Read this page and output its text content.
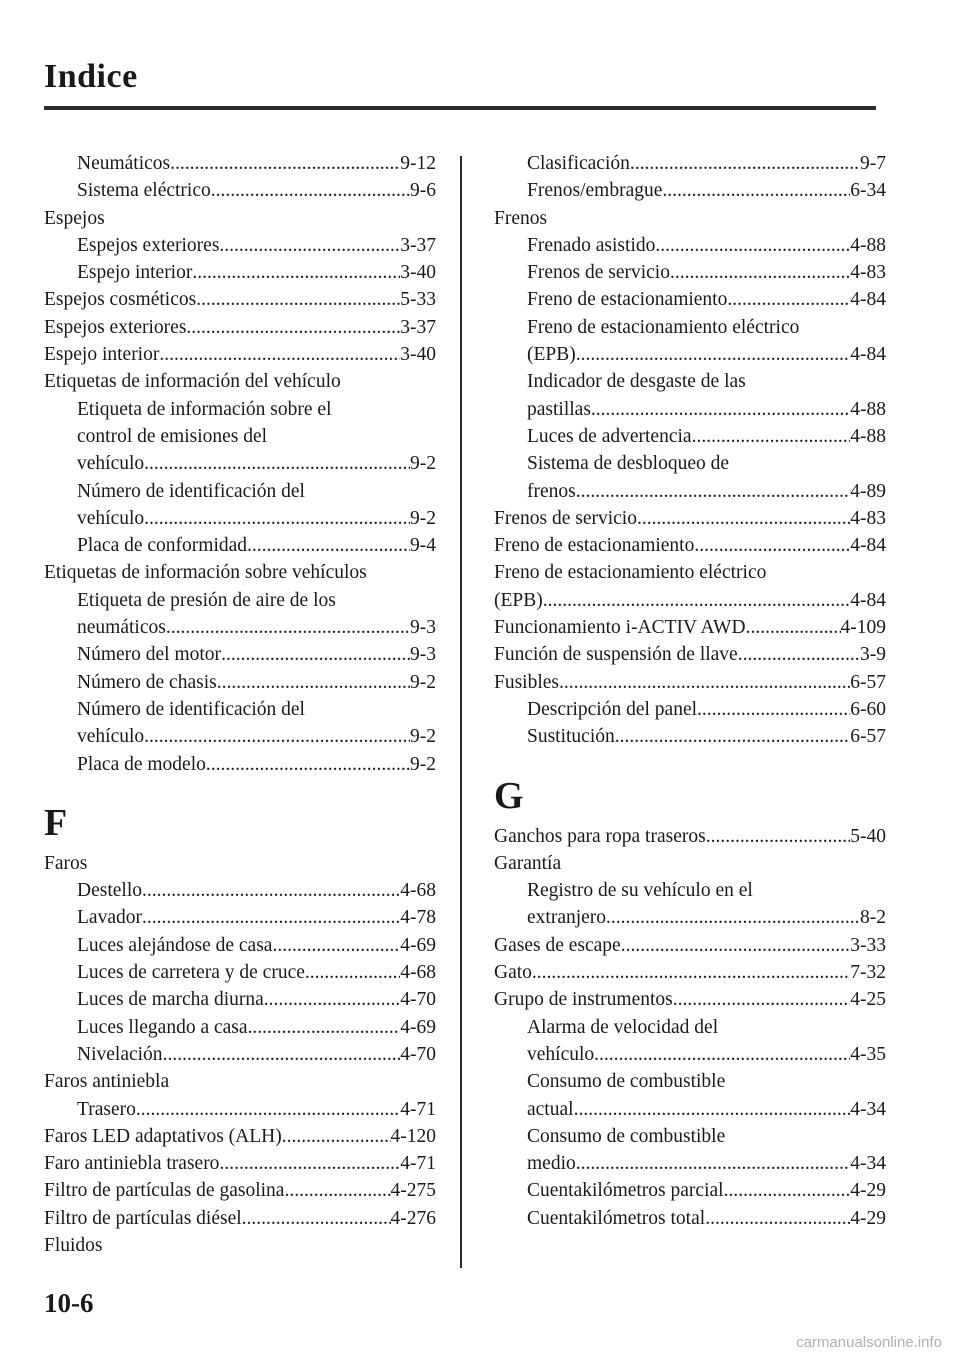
Indice
Neumáticos .....	9-12
Sistema eléctrico .....	9-6
Espejos
Espejos exteriores .....	3-37
Espejo interior .....	3-40
Espejos cosméticos .....	5-33
Espejos exteriores .....	3-37
Espejo interior .....	3-40
Etiquetas de información del vehículo
Etiqueta de información sobre el
control de emisiones del
vehículo .....	9-2
Número de identificación del
vehículo .....	9-2
Placa de conformidad .....	9-4
Etiquetas de información sobre vehículos
Etiqueta de presión de aire de los
neumáticos .....	9-3
Número del motor .....	9-3
Número de chasis .....	9-2
Número de identificación del
vehículo .....	9-2
Placa de modelo .....	9-2
F
Faros
Destello .....	4-68
Lavador .....	4-78
Luces alejándose de casa .....	4-69
Luces de carretera y de cruce .....	4-68
Luces de marcha diurna .....	4-70
Luces llegando a casa .....	4-69
Nivelación .....	4-70
Faros antiniebla
Trasero .....	4-71
Faros LED adaptativos (ALH) .....	4-120
Faro antiniebla trasero .....	4-71
Filtro de partículas de gasolina .....	4-275
Filtro de partículas diésel .....	4-276
Fluidos
Clasificación .....	9-7
Frenos/embrague .....	6-34
Frenos
Frenado asistido .....	4-88
Frenos de servicio .....	4-83
Freno de estacionamiento .....	4-84
Freno de estacionamiento eléctrico
(EPB) .....	4-84
Indicador de desgaste de las
pastillas .....	4-88
Luces de advertencia .....	4-88
Sistema de desbloqueo de
frenos .....	4-89
Frenos de servicio .....	4-83
Freno de estacionamiento .....	4-84
Freno de estacionamiento eléctrico
(EPB) .....	4-84
Funcionamiento i-ACTIV AWD .....	4-109
Función de suspensión de llave .....	3-9
Fusibles .....	6-57
Descripción del panel .....	6-60
Sustitución .....	6-57
G
Ganchos para ropa traseros .....	5-40
Garantía
Registro de su vehículo en el
extranjero .....	8-2
Gases de escape .....	3-33
Gato .....	7-32
Grupo de instrumentos .....	4-25
Alarma de velocidad del
vehículo .....	4-35
Consumo de combustible
actual .....	4-34
Consumo de combustible
medio .....	4-34
Cuentakilómetros parcial .....	4-29
Cuentakilómetros total .....	4-29
10-6
carmanualsonline.info
